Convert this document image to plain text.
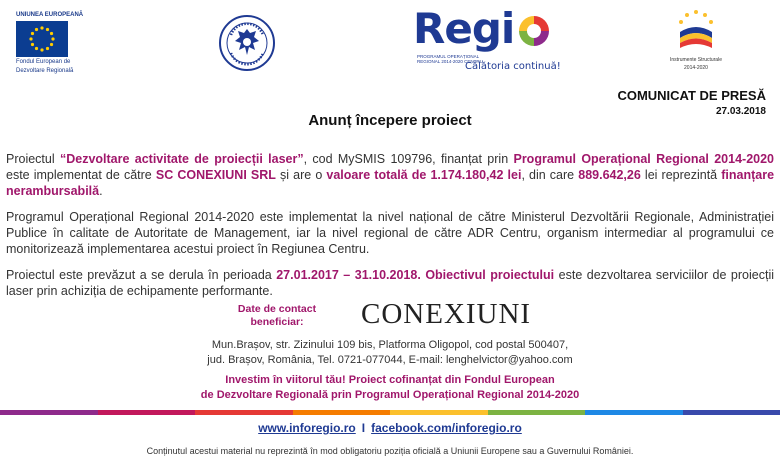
UNIUNEA EUROPEANĂ
Fondul European de
Dezvoltare Regională
Regi
PROGRAMUL OPERAȚIONAL REGIONAL 2014-2020 CENTRU
Călătoria continuă!
Instrumente Structurale
2014-2020
COMUNICAT DE PRESĂ
27.03.2018
Anunț începere proiect

Proiectul “Dezvoltare activitate de proiecții laser”, cod MySMIS 109796, finanțat prin Programul Operațional Regional 2014-2020 este implementat de către SC CONEXIUNI SRL și are o valoare totală de 1.174.180,42 lei, din care 889.642,26 lei reprezintă finanțare nerambursabilă.

Programul Operațional Regional 2014-2020 este implementat la nivel național de către Ministerul Dezvoltării Regionale, Administrației Publice în calitate de Autoritate de Management, iar la nivel regional de către ADR Centru, organism intermediar al programului ce monitorizează implementarea acestui proiect în Regiunea Centru.

Proiectul este prevăzut a se derula în perioada 27.01.2017 – 31.10.2018. Obiectivul proiectului este dezvoltarea serviciilor de proiecții laser prin achiziția de echipamente performante.

Date de contact
beneficiar:	CONEXIUNI
Mun.Brașov, str. Zizinului 109 bis, Platforma Oligopol, cod postal 500407,
jud. Brașov, România, Tel. 0721-077044, E-mail: lenghelvictor@yahoo.com
Investim în viitorul tău! Proiect cofinanțat din Fondul European
de Dezvoltare Regională prin Programul Operațional Regional 2014-2020
www.inforegio.ro I facebook.com/inforegio.ro
Conținutul acestui material nu reprezintă în mod obligatoriu poziția oficială a Uniunii Europene sau a Guvernului României.
